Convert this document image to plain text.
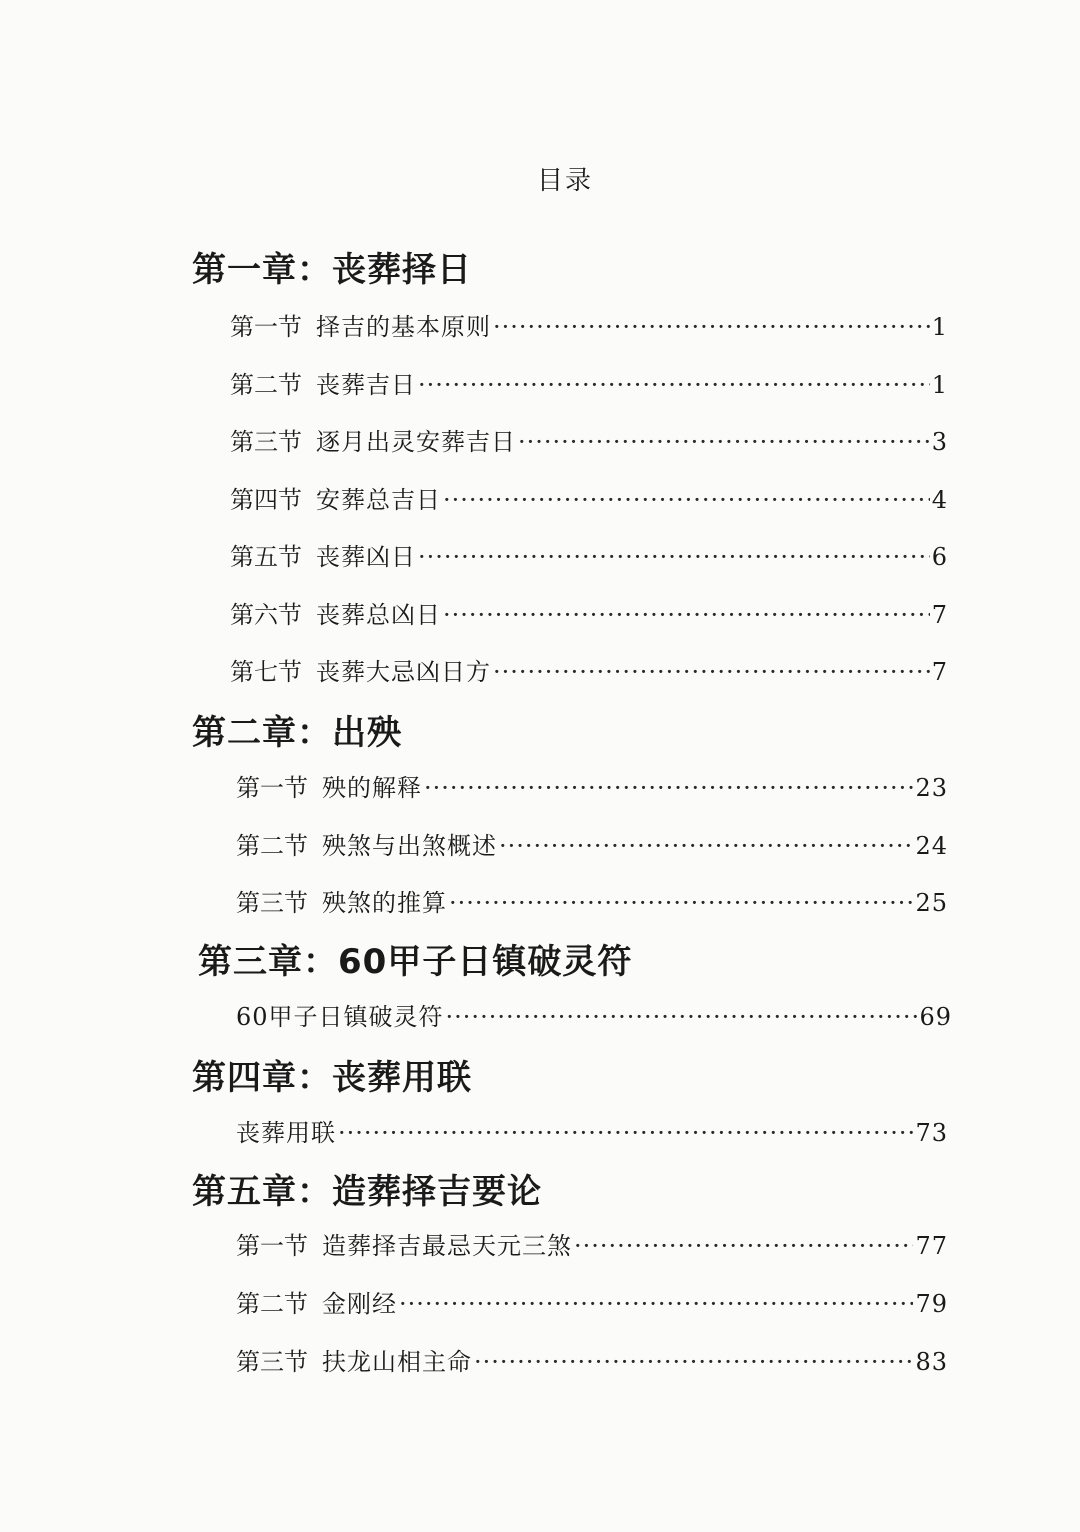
目录
第一章：丧葬择日
第一节 择吉的基本原则 ·····	1
第二节 丧葬吉日 ·····	1
第三节 逐月出灵安葬吉日 ·····	3
第四节 安葬总吉日 ·····	4
第五节 丧葬凶日 ·····	6
第六节 丧葬总凶日 ·····	7
第七节 丧葬大忌凶日方 ·····	7
第二章：出殃
第一节 殃的解释 ·····	23
第二节 殃煞与出煞概述 ·····	24
第三节 殃煞的推算 ·····	25
第三章：60甲子日镇破灵符
60甲子日镇破灵符 ·····	69
第四章：丧葬用联
丧葬用联 ·····	73
第五章：造葬择吉要论
第一节 造葬择吉最忌天元三煞 ·····	77
第二节 金刚经 ·····	79
第三节 扶龙山相主命 ·····	83
